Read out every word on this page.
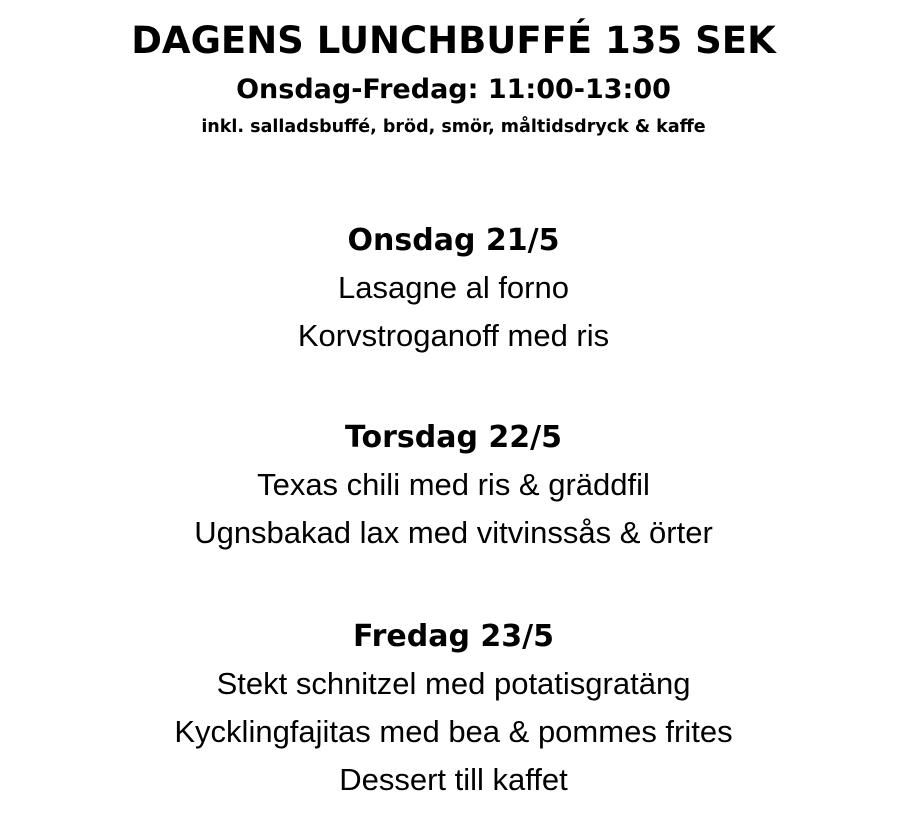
DAGENS LUNCHBUFFÉ 135 SEK
Onsdag-Fredag: 11:00-13:00
inkl. salladsbuffé, bröd, smör, måltidsdryck & kaffe
Onsdag 21/5
Lasagne al forno
Korvstroganoff med ris
Torsdag 22/5
Texas chili med ris & gräddfil
Ugnsbakad lax med vitvinssås & örter
Fredag 23/5
Stekt schnitzel med potatisgratäng
Kycklingfajitas med bea & pommes frites
Dessert till kaffet
